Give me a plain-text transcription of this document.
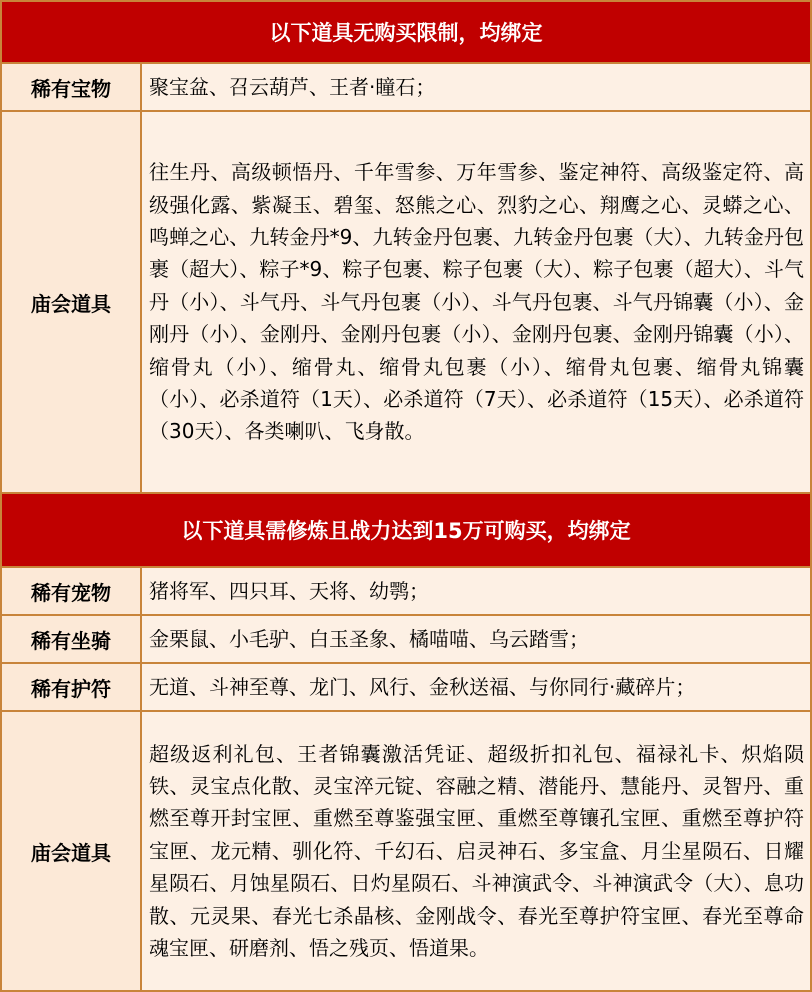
以下道具无购买限制，均绑定	
稀有宝物	聚宝盆、召云葫芦、王者·瞳石；
庙会道具	往生丹、高级顿悟丹、千年雪参、万年雪参、鉴定神符、高级鉴定符、高级强化露、紫凝玉、碧玺、怒熊之心、烈豹之心、翔鹰之心、灵蟒之心、鸣蝉之心、九转金丹*9、九转金丹包裹、九转金丹包裹（大）、九转金丹包裹（超大）、粽子*9、粽子包裹、粽子包裹（大）、粽子包裹（超大）、斗气丹（小）、斗气丹、斗气丹包裹（小）、斗气丹包裹、斗气丹锦囊（小）、金刚丹（小）、金刚丹、金刚丹包裹（小）、金刚丹包裹、金刚丹锦囊（小）、缩骨丸（小）、缩骨丸、缩骨丸包裹（小）、缩骨丸包裹、缩骨丸锦囊（小）、必杀道符（1天）、必杀道符（7天）、必杀道符（15天）、必杀道符（30天）、各类喇叭、飞身散。
以下道具需修炼且战力达到15万可购买，均绑定	
稀有宠物	猪将军、四只耳、天将、幼鹗；
稀有坐骑	金栗鼠、小毛驴、白玉圣象、橘喵喵、乌云踏雪；
稀有护符	无道、斗神至尊、龙门、风行、金秋送福、与你同行·藏碎片；
庙会道具	超级返利礼包、王者锦囊激活凭证、超级折扣礼包、福禄礼卡、炽焰陨铁、灵宝点化散、灵宝淬元锭、容融之精、潜能丹、慧能丹、灵智丹、重燃至尊开封宝匣、重燃至尊鉴强宝匣、重燃至尊镶孔宝匣、重燃至尊护符宝匣、龙元精、驯化符、千幻石、启灵神石、多宝盒、月尘星陨石、日耀星陨石、月蚀星陨石、日灼星陨石、斗神演武令、斗神演武令（大）、息功散、元灵果、春光七杀晶核、金刚战令、春光至尊护符宝匣、春光至尊命魂宝匣、研磨剂、悟之残页、悟道果。
